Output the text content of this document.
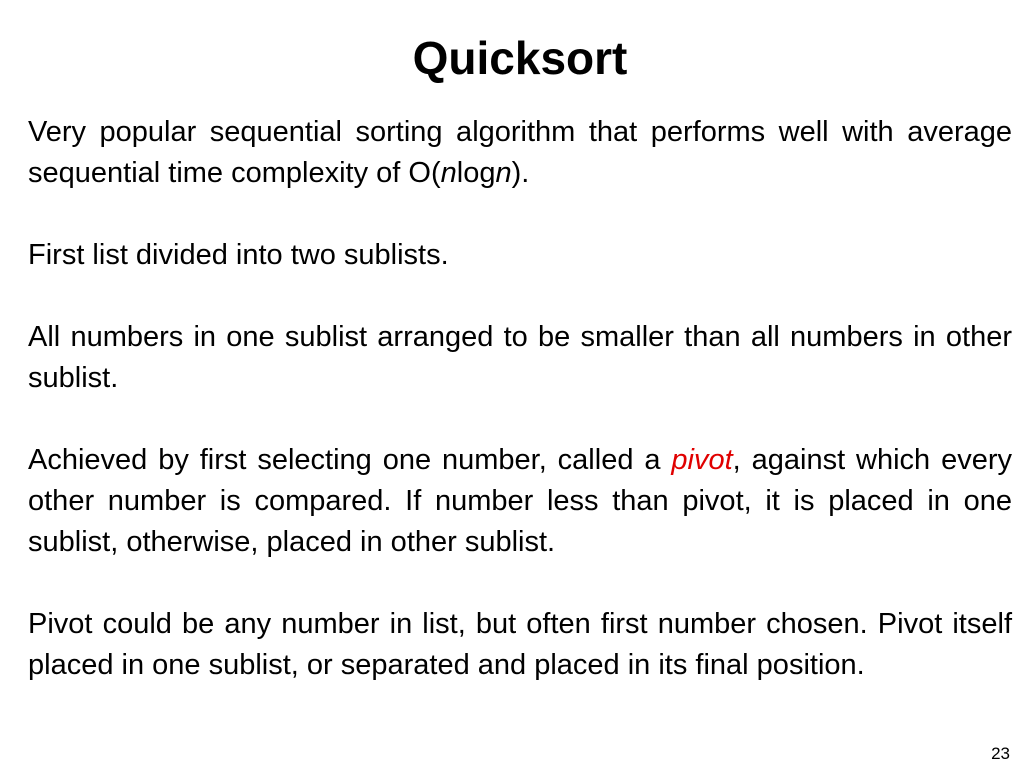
Quicksort

Very popular sequential sorting algorithm that performs well with average sequential time complexity of O(nlogn).

First list divided into two sublists.

All numbers in one sublist arranged to be smaller than all numbers in other sublist.

Achieved by first selecting one number, called a pivot, against which every other number is compared. If number less than pivot, it is placed in one sublist, otherwise, placed in other sublist.

Pivot could be any number in list, but often first number chosen. Pivot itself placed in one sublist, or separated and placed in its final position.

23
